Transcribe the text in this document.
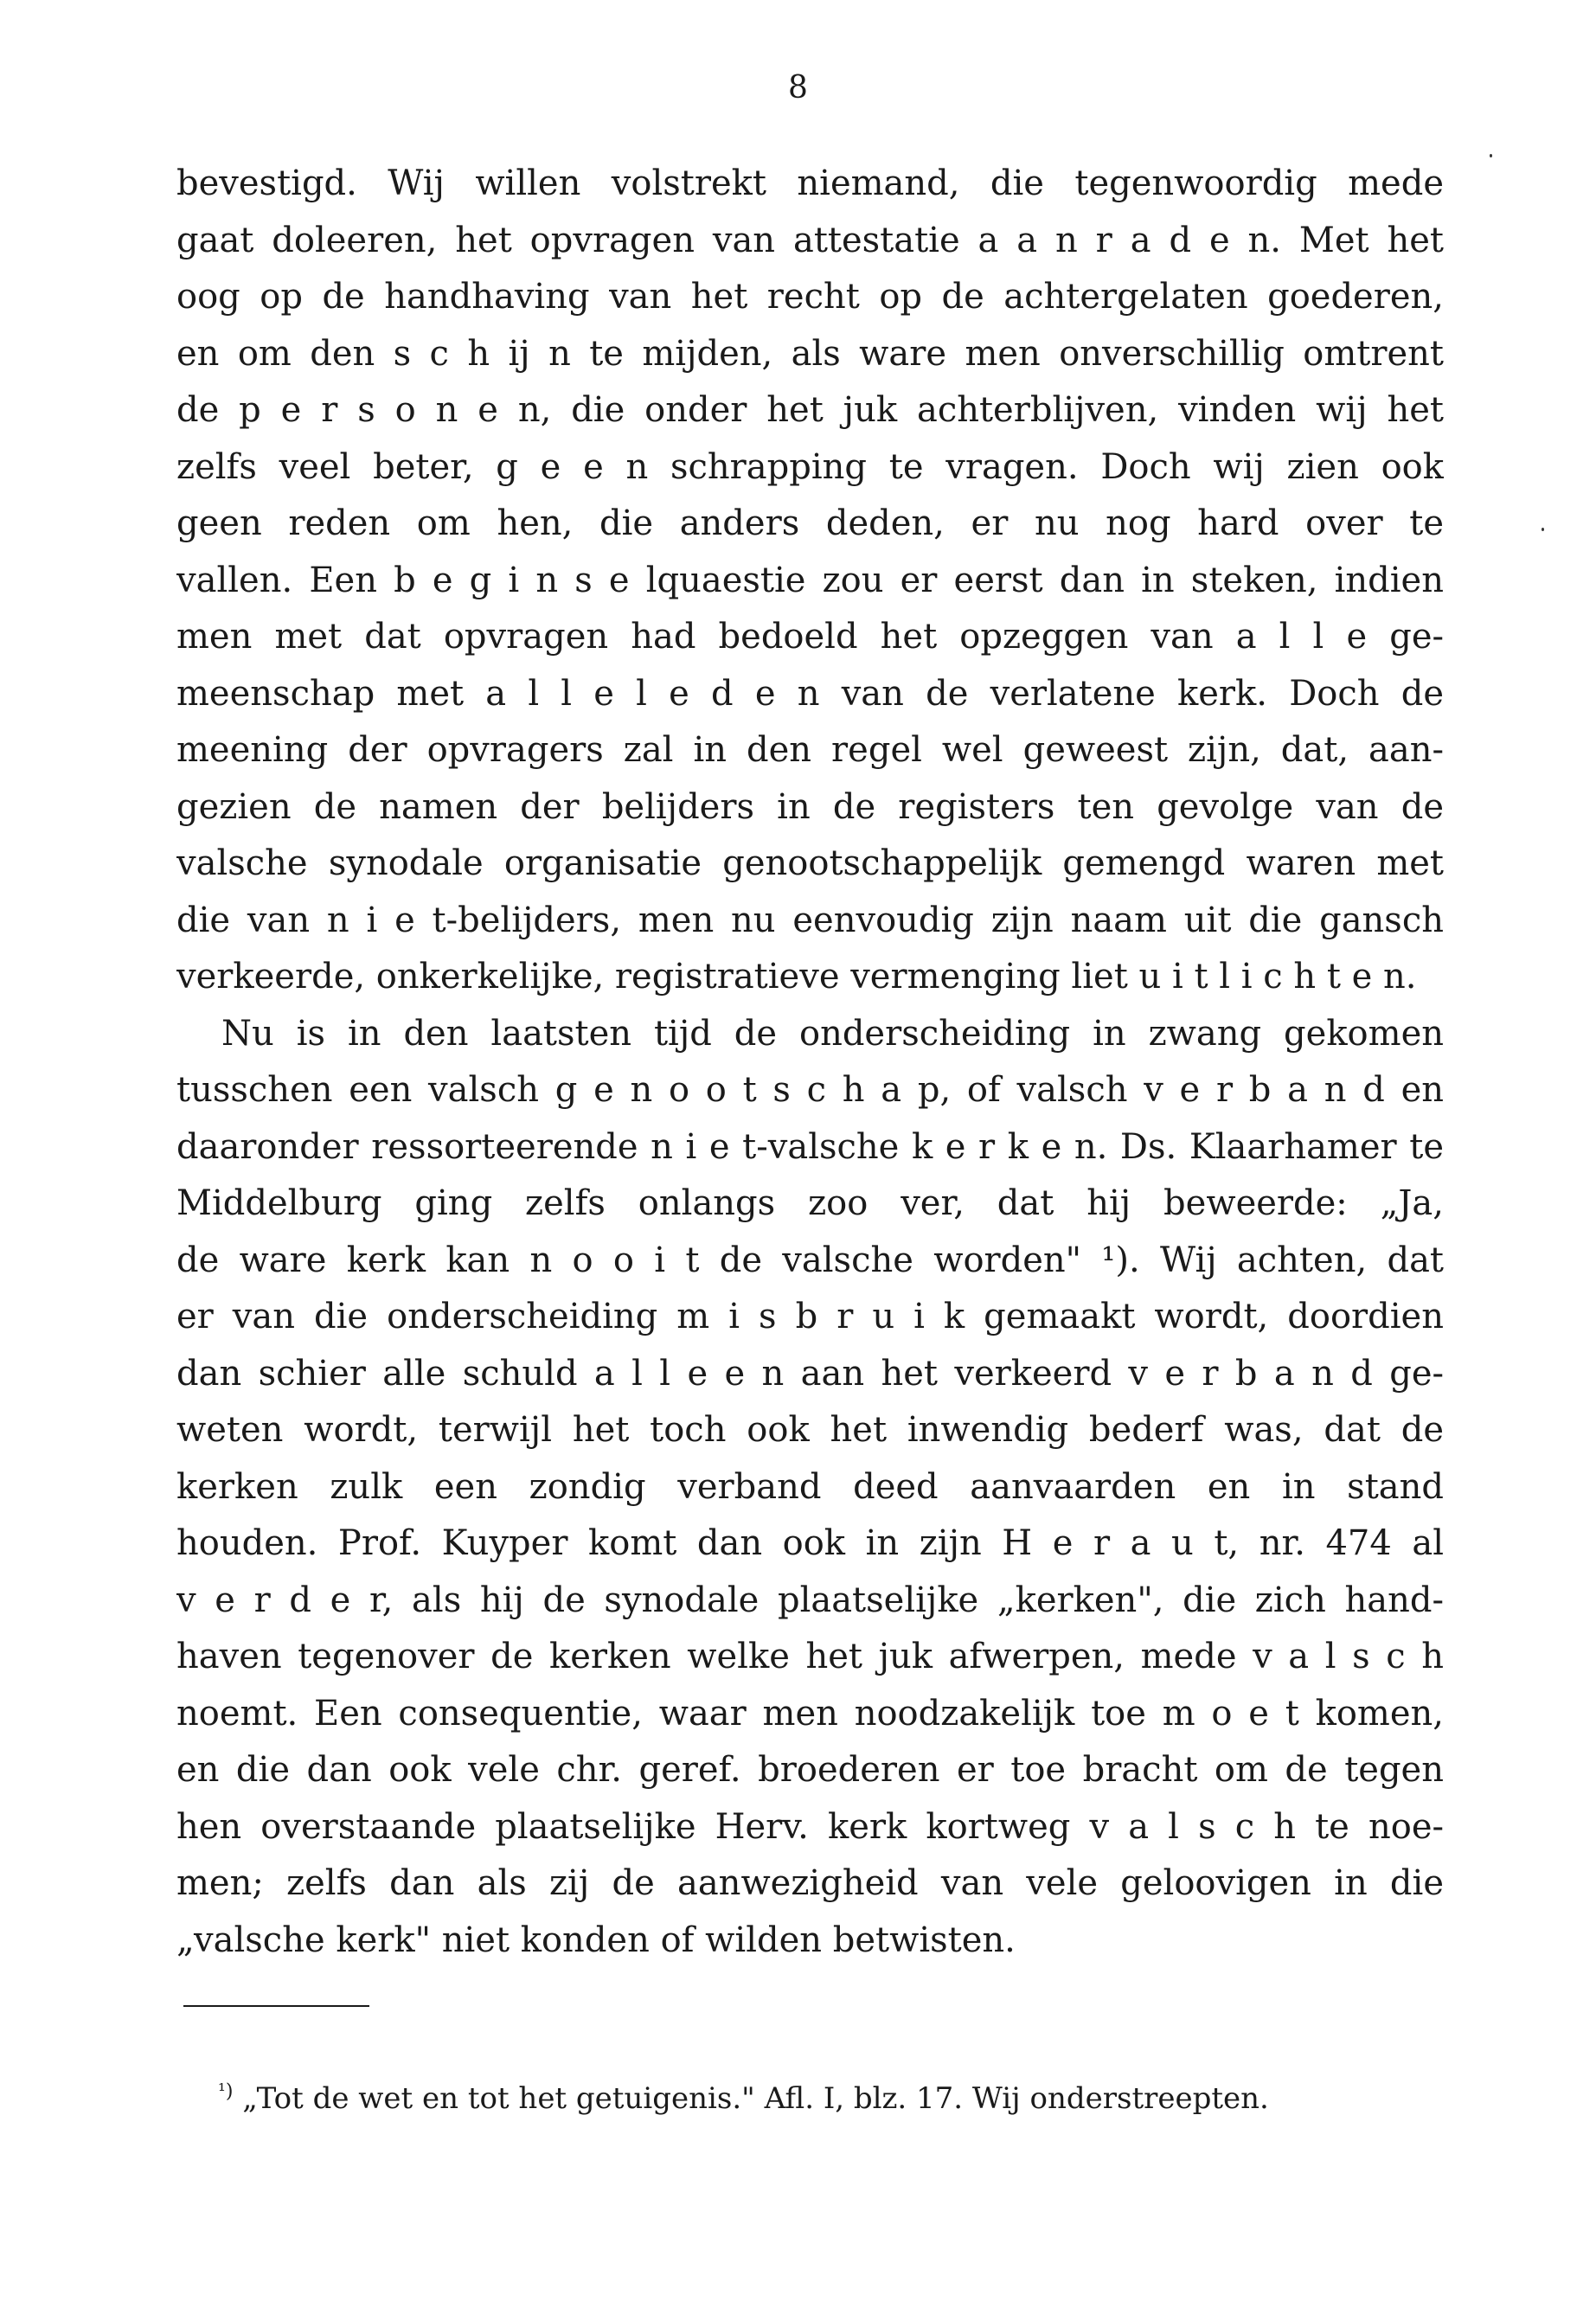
8
bevestigd. Wij willen volstrekt niemand, die tegenwoordig mede
gaat doleeren, het opvragen van attestatie a a n r a d e n. Met het
oog op de handhaving van het recht op de achtergelaten goederen,
en om den s c h ij n te mijden, als ware men onverschillig omtrent
de p e r s o n e n, die onder het juk achterblijven, vinden wij het
zelfs veel beter, g e e n schrapping te vragen. Doch wij zien ook
geen reden om hen, die anders deden, er nu nog hard over te
vallen. Een b e g i n s e lquaestie zou er eerst dan in steken, indien
men met dat opvragen had bedoeld het opzeggen van a l l e ge-
meenschap met a l l e l e d e n van de verlatene kerk. Doch de
meening der opvragers zal in den regel wel geweest zijn, dat, aan-
gezien de namen der belijders in de registers ten gevolge van de
valsche synodale organisatie genootschappelijk gemengd waren met
die van n i e t-belijders, men nu eenvoudig zijn naam uit die gansch
verkeerde, onkerkelijke, registratieve vermenging liet u i t l i c h t e n.
Nu is in den laatsten tijd de onderscheiding in zwang gekomen
tusschen een valsch g e n o o t s c h a p, of valsch v e r b a n d en
daaronder ressorteerende n i e t-valsche k e r k e n. Ds. Klaarhamer te
Middelburg ging zelfs onlangs zoo ver, dat hij beweerde: „Ja,
de ware kerk kan n o o i t de valsche worden" ¹). Wij achten, dat
er van die onderscheiding m i s b r u i k gemaakt wordt, doordien
dan schier alle schuld a l l e e n aan het verkeerd v e r b a n d ge-
weten wordt, terwijl het toch ook het inwendig bederf was, dat de
kerken zulk een zondig verband deed aanvaarden en in stand
houden. Prof. Kuyper komt dan ook in zijn H e r a u t, nr. 474 al
v e r d e r, als hij de synodale plaatselijke „kerken", die zich hand-
haven tegenover de kerken welke het juk afwerpen, mede v a l s c h
noemt. Een consequentie, waar men noodzakelijk toe m o e t komen,
en die dan ook vele chr. geref. broederen er toe bracht om de tegen
hen overstaande plaatselijke Herv. kerk kortweg v a l s c h te noe-
men; zelfs dan als zij de aanwezigheid van vele geloovigen in die
„valsche kerk" niet konden of wilden betwisten.
$^{^1)}$ „Tot de wet en tot het getuigenis." Afl. I, blz. 17. Wij onderstreepten.
